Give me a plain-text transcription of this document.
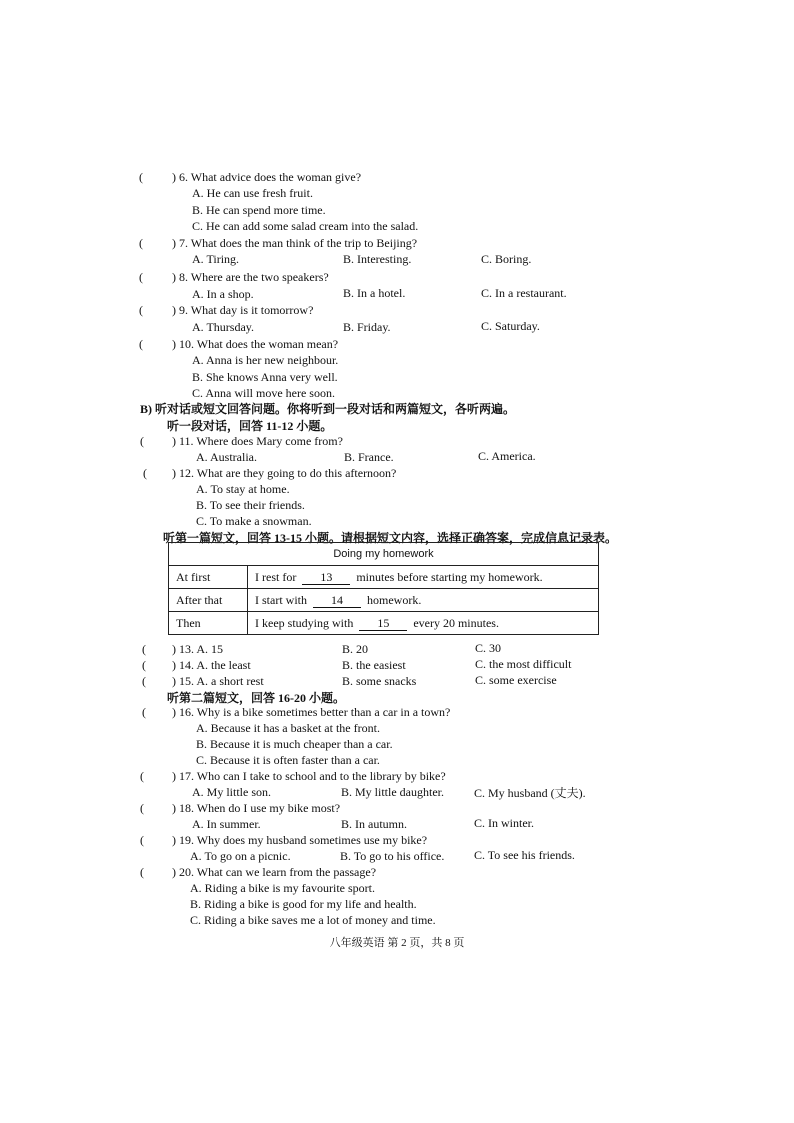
( ) 6. What advice does the woman give?
A. He can use fresh fruit.
B. He can spend more time.
C. He can add some salad cream into the salad.
( ) 7. What does the man think of the trip to Beijing?
A. Tiring.	B. Interesting.	C. Boring.
( ) 8. Where are the two speakers?
A. In a shop.	B. In a hotel.	C. In a restaurant.
( ) 9. What day is it tomorrow?
A. Thursday.	B. Friday.	C. Saturday.
( ) 10. What does the woman mean?
A. Anna is her new neighbour.
B. She knows Anna very well.
C. Anna will move here soon.
B) 听对话或短文回答问题。你将听到一段对话和两篇短文，各听两遍。
听一段对话，回答 11-12 小题。
( ) 11. Where does Mary come from?
A. Australia.	B. France.	C. America.
( ) 12. What are they going to do this afternoon?
A. To stay at home.
B. To see their friends.
C. To make a snowman.
听第一篇短文，回答 13-15 小题。请根据短文内容，选择正确答案，完成信息记录表。
Doing my homework	
At first	I rest for 13 minutes before starting my homework.
After that	I start with 14 homework.
Then	I keep studying with 15 every 20 minutes.
( ) 13. A. 15	B. 20	C. 30
( ) 14. A. the least	B. the easiest	C. the most difficult
( ) 15. A. a short rest	B. some snacks	C. some exercise
听第二篇短文，回答 16-20 小题。
( ) 16. Why is a bike sometimes better than a car in a town?
A. Because it has a basket at the front.
B. Because it is much cheaper than a car.
C. Because it is often faster than a car.
( ) 17. Who can I take to school and to the library by bike?
A. My little son.	B. My little daughter.	C. My husband (丈夫).
( ) 18. When do I use my bike most?
A. In summer.	B. In autumn.	C. In winter.
( ) 19. Why does my husband sometimes use my bike?
A. To go on a picnic.	B. To go to his office. C. To see his friends.
( ) 20. What can we learn from the passage?
A. Riding a bike is my favourite sport.
B. Riding a bike is good for my life and health.
C. Riding a bike saves me a lot of money and time.
八年级英语 第 2 页，共 8 页
